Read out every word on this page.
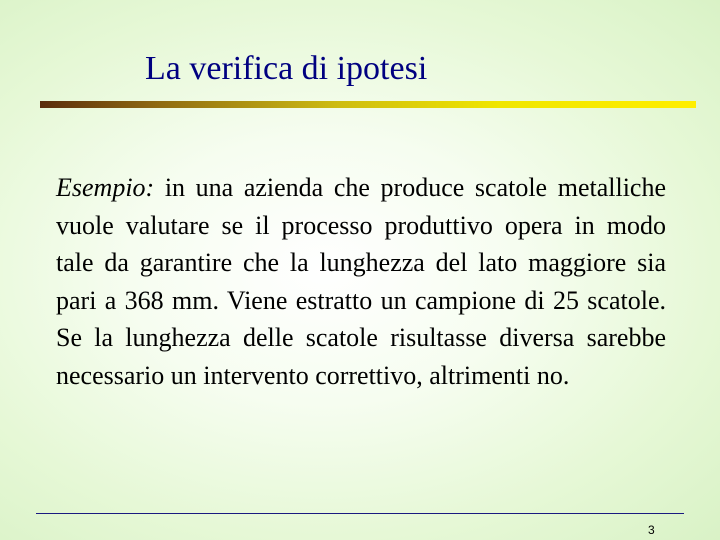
La verifica di ipotesi
Esempio: in una azienda che produce scatole metalliche vuole valutare se il processo produttivo opera in modo tale da garantire che la lunghezza del lato maggiore sia pari a 368 mm. Viene estratto un campione di 25 scatole. Se la lunghezza delle scatole risultasse diversa sarebbe necessario un intervento correttivo, altrimenti no.
3
